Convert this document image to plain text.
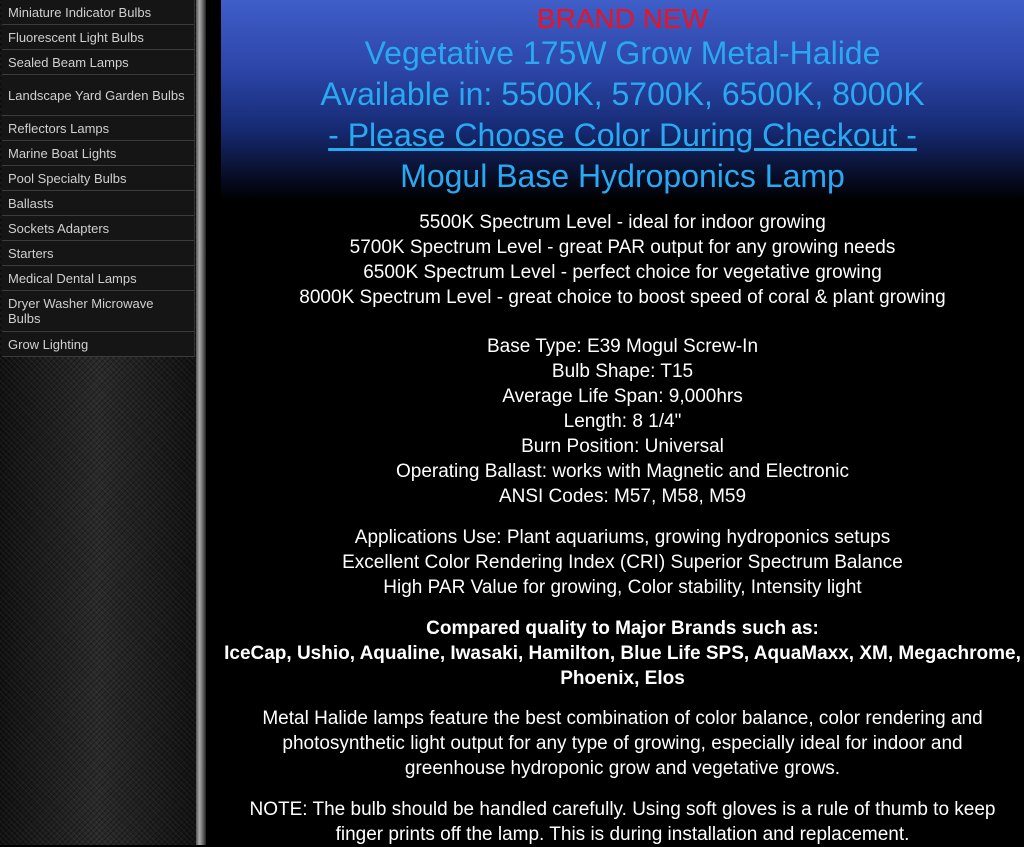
Miniature Indicator Bulbs
Fluorescent Light Bulbs
Sealed Beam Lamps
Landscape Yard Garden Bulbs
Reflectors Lamps
Marine Boat Lights
Pool Specialty Bulbs
Ballasts
Sockets Adapters
Starters
Medical Dental Lamps
Dryer Washer Microwave Bulbs
Grow Lighting
BRAND NEW
Vegetative 175W Grow Metal-Halide
Available in: 5500K, 5700K, 6500K, 8000K
- Please Choose Color During Checkout -
Mogul Base Hydroponics Lamp
5500K Spectrum Level - ideal for indoor growing
5700K Spectrum Level - great PAR output for any growing needs
6500K Spectrum Level - perfect choice for vegetative growing
8000K Spectrum Level - great choice to boost speed of coral & plant growing
Base Type: E39 Mogul Screw-In
Bulb Shape: T15
Average Life Span: 9,000hrs
Length: 8 1/4"
Burn Position: Universal
Operating Ballast: works with Magnetic and Electronic
ANSI Codes: M57, M58, M59
Applications Use: Plant aquariums, growing hydroponics setups
Excellent Color Rendering Index (CRI) Superior Spectrum Balance
High PAR Value for growing, Color stability, Intensity light
Compared quality to Major Brands such as:
IceCap, Ushio, Aqualine, Iwasaki, Hamilton, Blue Life SPS, AquaMaxx, XM, Megachrome, Phoenix, Elos
Metal Halide lamps feature the best combination of color balance, color rendering and photosynthetic light output for any type of growing, especially ideal for indoor and greenhouse hydroponic grow and vegetative grows.
NOTE: The bulb should be handled carefully. Using soft gloves is a rule of thumb to keep finger prints off the lamp. This is during installation and replacement.
